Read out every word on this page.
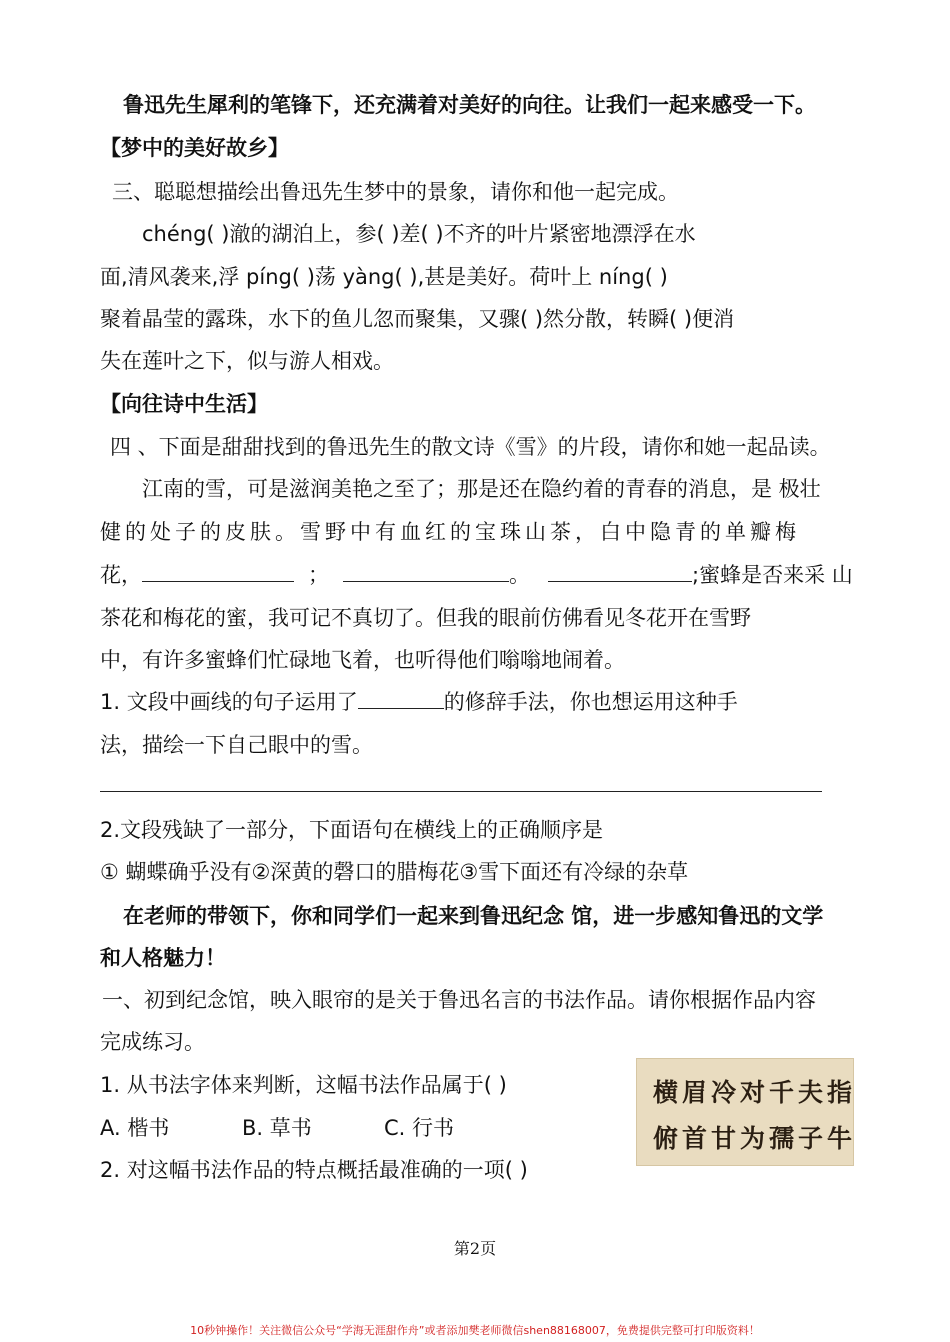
鲁迅先生犀利的笔锋下，还充满着对美好的向往。让我们一起来感受一下。
【梦中的美好故乡】
三、聪聪想描绘出鲁迅先生梦中的景象，请你和他一起完成。
chéng( )澈的湖泊上，参( )差( )不齐的叶片紧密地漂浮在水
面,清风袭来,浮 píng( )荡 yàng( ),甚是美好。荷叶上 níng( )
聚着晶莹的露珠，水下的鱼儿忽而聚集，又骤( )然分散，转瞬( )便消
失在莲叶之下，似与游人相戏。
【向往诗中生活】
四 、下面是甜甜找到的鲁迅先生的散文诗《雪》的片段，请你和她一起品读。
江南的雪，可是滋润美艳之至了；那是还在隐约着的青春的消息，是 极壮
健的处子的皮肤。雪野中有血红的宝珠山茶，白中隐青的单瓣梅
花，	；	。	;蜜蜂是否来采 山
茶花和梅花的蜜，我可记不真切了。但我的眼前仿佛看见冬花开在雪野
中，有许多蜜蜂们忙碌地飞着，也听得他们嗡嗡地闹着。
1. 文段中画线的句子运用了	的修辞手法，你也想运用这种手
法，描绘一下自己眼中的雪。
2.文段残缺了一部分，下面语句在横线上的正确顺序是
① 蝴蝶确乎没有②深黄的磬口的腊梅花③雪下面还有冷绿的杂草
在老师的带领下，你和同学们一起来到鲁迅纪念 馆，进一步感知鲁迅的文学
和人格魅力！
一、初到纪念馆，映入眼帘的是关于鲁迅名言的书法作品。请你根据作品内容
完成练习。
1. 从书法字体来判断，这幅书法作品属于( )
A. 楷书	B. 草书	C. 行书
2. 对这幅书法作品的特点概括最准确的一项( )
横眉冷对千夫指
俯首甘为孺子牛
第2页
10秒钟操作！关注微信公众号“学海无涯甜作舟”或者添加樊老师微信shen88168007，免费提供完整可打印版资料！
